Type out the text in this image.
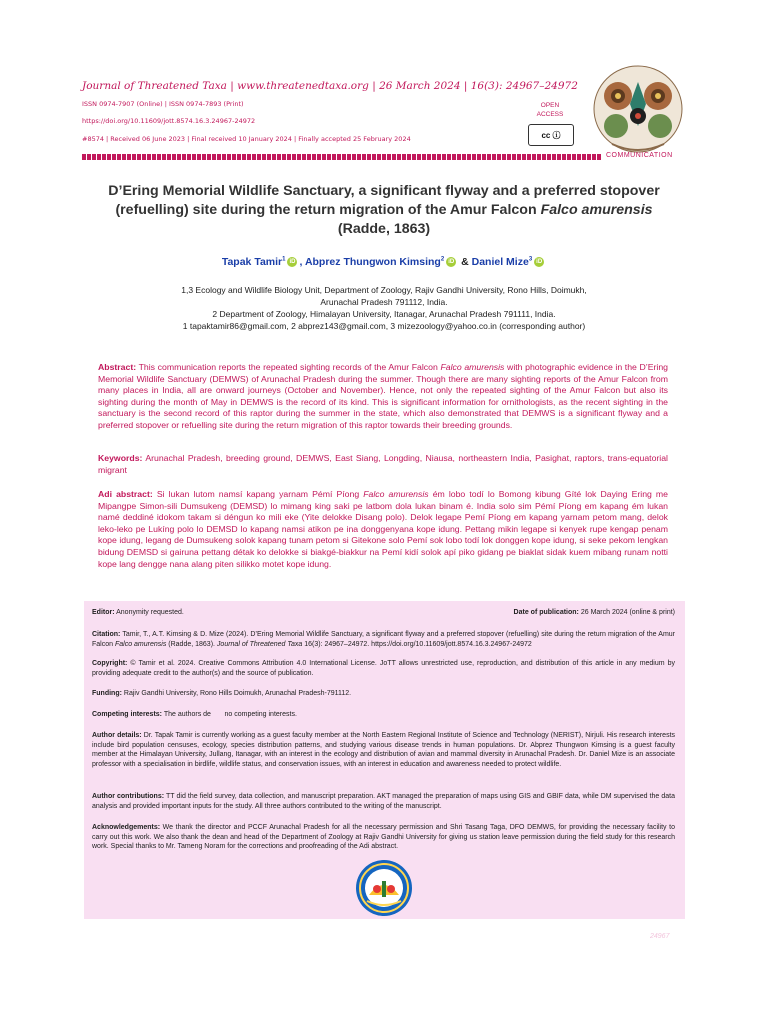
Journal of Threatened Taxa | www.threatenedtaxa.org | 26 March 2024 | 16(3): 24967–24972
ISSN 0974-7907 (Online) | ISSN 0974-7893 (Print)
https://doi.org/10.11609/jott.8574.16.3.24967-24972
#8574 | Received 06 June 2023 | Final received 10 January 2024 | Finally accepted 25 February 2024
OPEN
ACCESS
cc ⓘ
COMMUNICATION
D’Ering Memorial Wildlife Sanctuary, a significant flyway and a preferred stopover (refuelling) site during the return migration of the Amur Falcon Falco amurensis (Radde, 1863)
Tapak Tamir$^1$ iD , Abprez Thungwon Kimsing$^2$ iD & Daniel Mize$^3$ iD
1,3 Ecology and Wildlife Biology Unit, Department of Zoology, Rajiv Gandhi University, Rono Hills, Doimukh,
Arunachal Pradesh 791112, India.
2 Department of Zoology, Himalayan University, Itanagar, Arunachal Pradesh 791111, India.
1 tapaktamir86@gmail.com, 2 abprez143@gmail.com, 3 mizezoology@yahoo.co.in (corresponding author)
Abstract: This communication reports the repeated sighting records of the Amur Falcon Falco amurensis with photographic evidence in the D’Ering Memorial Wildlife Sanctuary (DEMWS) of Arunachal Pradesh during the summer. Though there are many sighting reports of the Amur Falcon from many places in India, all are onward journeys (October and November). Hence, not only the repeated sighting of the Amur Falcon but also its sighting during the month of May in DEMWS is the record of its kind. This is significant information for ornithologists, as the recent sighting in the sanctuary is the second record of this raptor during the summer in the state, which also demonstrated that DEMWS is a significant flyway and a preferred stopover or refuelling site during the return migration of this raptor towards their breeding grounds.
Keywords: Arunachal Pradesh, breeding ground, DEMWS, East Siang, Longding, Niausa, northeastern India, Pasighat, raptors, trans-equatorial migrant
Adi abstract: Si lukan lutom namsí kapang yarnam Pémí Píong Falco amurensis ém lobo todí lo Bomong kibung Gíté lok Daying Ering me Mipangpe Simon-sili Dumsukeng (DEMSD) lo mimang king saki pe latbom dola lukan binam é. India solo sim Pémí Píong em kapang ém lukan namé deddiné idokom takam si déngun ko mili eke (Yite delokke Disang polo). Delok legape Pemí Píong em kapang yarnam petom mang, delok leko-leko pe Lukíng polo lo DEMSD lo kapang namsi atikon pe ina donggenyana kope idung. Pettang mikin legape si kenyek rupe kengap penam kope idung, legang de Dumsukeng solok kapang tunam petom si Gitekone solo Pemí sok lobo todí lok donggen kope idung, si seke pekom lengkan bidung DEMSD si gairuna pettang détak ko delokke si biakgé-biakkur na Pemí kidí solok apí piko gidang pe biaklat sidak kuem mibang runam notti kope lang dengge nana alang piten silikko motet kope idung.
Editor: Anonymity requested.	Date of publication: 26 March 2024 (online & print)
Citation: Tamir, T., A.T. Kimsing & D. Mize (2024). D’Ering Memorial Wildlife Sanctuary, a significant flyway and a preferred stopover (refuelling) site during the return migration of the Amur Falcon Falco amurensis (Radde, 1863). Journal of Threatened Taxa 16(3): 24967–24972. https://doi.org/10.11609/jott.8574.16.3.24967-24972
Copyright: © Tamir et al. 2024. Creative Commons Attribution 4.0 International License. JoTT allows unrestricted use, reproduction, and distribution of this article in any medium by providing adequate credit to the author(s) and the source of publication.
Funding: Rajiv Gandhi University, Rono Hills Doimukh, Arunachal Pradesh-791112.
Competing interests: The authors de       no competing interests.
Author details: Dr. Tapak Tamir is currently working as a guest faculty member at the North Eastern Regional Institute of Science and Technology (NERIST), Nirjuli. His research interests include bird population censuses, ecology, species distribution patterns, and studying various disease trends in human populations. Dr. Abprez Thungwon Kimsing is a guest faculty member at the Himalayan University, Jullang, Itanagar, with an interest in the ecology and distribution of avian and mammal diversity in Arunachal Pradesh. Dr. Daniel Mize is an associate professor with a specialisation in birdlife, wildlife status, and conservation issues, with an interest in education and awareness needed to protect wildlife.
Author contributions: TT did the field survey, data collection, and manuscript preparation. AKT managed the preparation of maps using GIS and GBIF data, while DM supervised the data analysis and provided important inputs for the study. All three authors contributed to the writing of the manuscript.
Acknowledgements: We thank the director and PCCF Arunachal Pradesh for all the necessary permission and Shri Tasang Taga, DFO DEMWS, for providing the necessary facility to carry out this work. We also thank the dean and head of the Department of Zoology at Rajiv Gandhi University for giving us station leave permission during the field study for this research work. Special thanks to Mr. Tameng Noram for the corrections and proofreading of the Adi abstract.
24967
